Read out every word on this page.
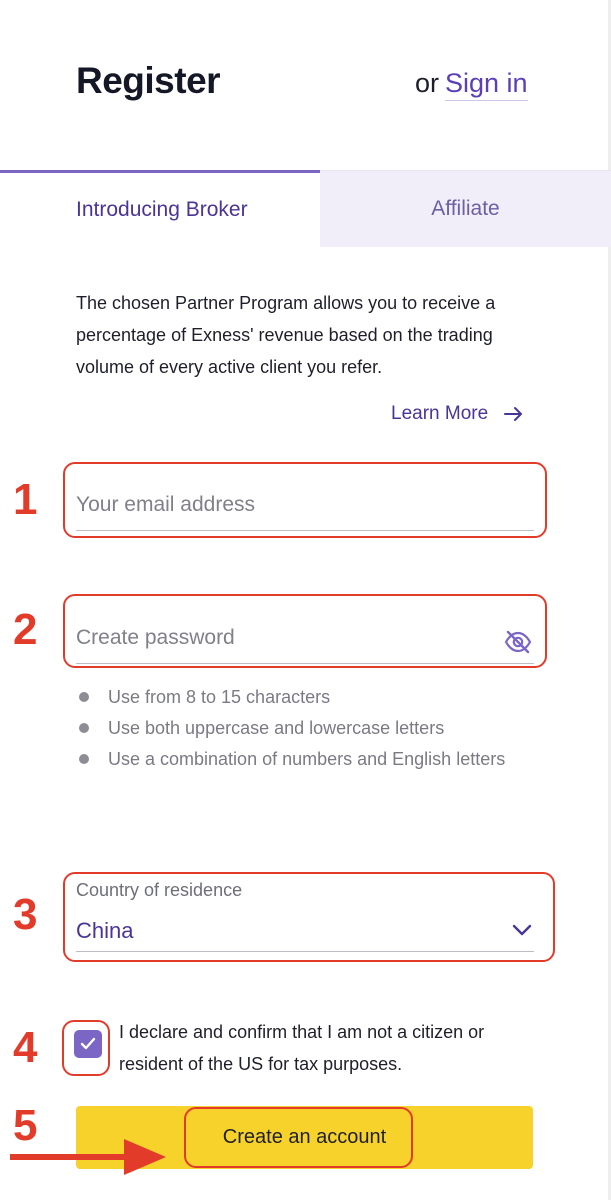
Register	or Sign in
Introducing Broker	Affiliate
The chosen Partner Program allows you to receive a percentage of Exness' revenue based on the trading volume of every active client you refer.
Learn More
Your email address
Use from 8 to 15 characters
Use both uppercase and lowercase letters
Use a combination of numbers and English letters
Country of residence
China
I declare and confirm that I am not a citizen or resident of the US for tax purposes.
Create an account
1
2
3
4
5
